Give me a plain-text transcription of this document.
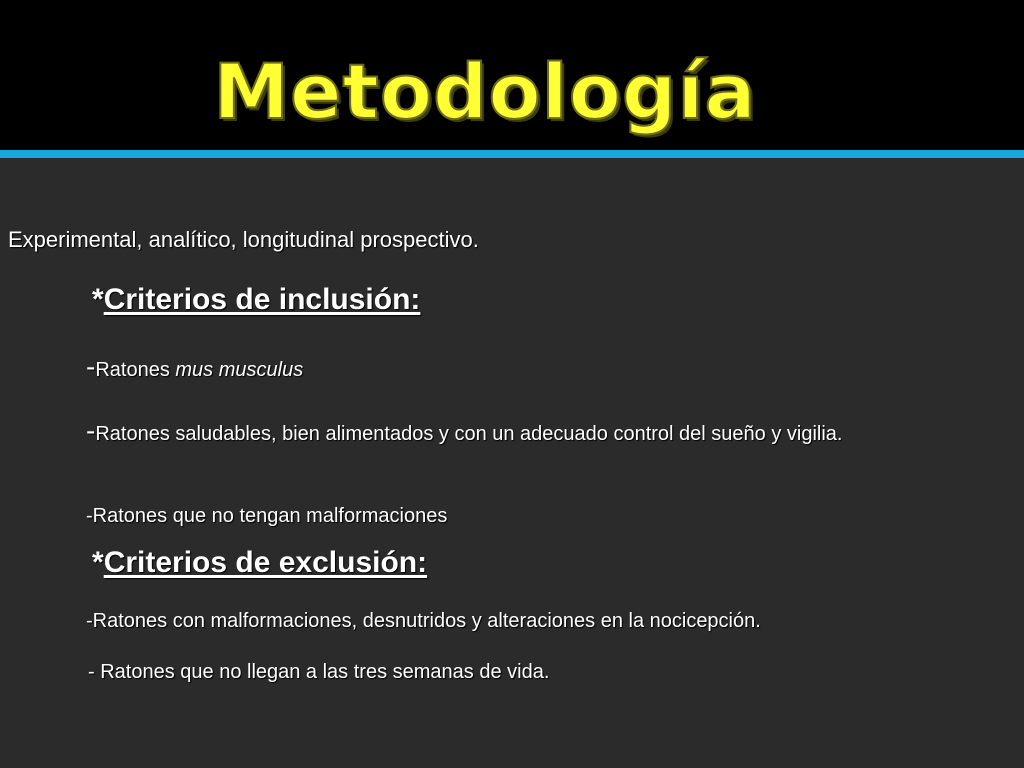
Metodología
Experimental, analítico, longitudinal prospectivo.
*Criterios de inclusión:
-Ratones mus musculus
-Ratones saludables, bien alimentados y con un adecuado control del sueño y vigilia.
-Ratones que no tengan malformaciones
*Criterios de exclusión:
-Ratones con malformaciones, desnutridos y alteraciones en la nocicepción.
- Ratones que no llegan a las tres semanas de vida.
